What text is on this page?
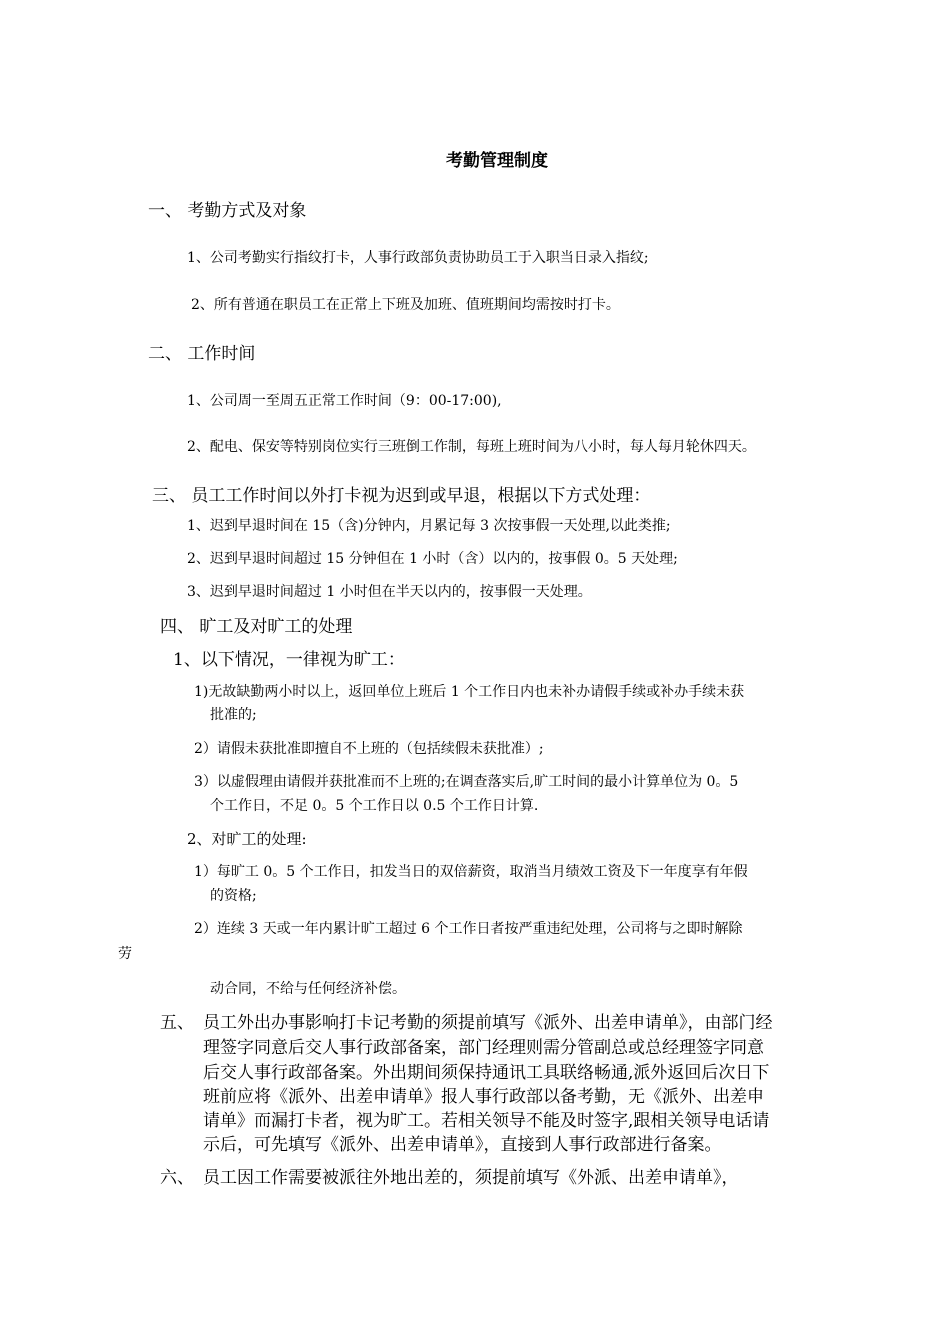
考勤管理制度
一、 考勤方式及对象
1、公司考勤实行指纹打卡，人事行政部负责协助员工于入职当日录入指纹;
2、所有普通在职员工在正常上下班及加班、值班期间均需按时打卡。
二、 工作时间
1、公司周一至周五正常工作时间（9：00-17:00),
2、配电、保安等特别岗位实行三班倒工作制，每班上班时间为八小时，每人每月轮休四天。
三、 员工工作时间以外打卡视为迟到或早退，根据以下方式处理：
1、迟到早退时间在 15（含)分钟内，月累记每 3 次按事假一天处理,以此类推;
2、迟到早退时间超过 15 分钟但在 1 小时（含）以内的，按事假 0。5 天处理;
3、迟到早退时间超过 1 小时但在半天以内的，按事假一天处理。
四、 旷工及对旷工的处理
1、以下情况，一律视为旷工：
1)无故缺勤两小时以上，返回单位上班后 1 个工作日内也未补办请假手续或补办手续未获
批准的;
2）请假未获批准即擅自不上班的（包括续假未获批准）;
3）以虚假理由请假并获批准而不上班的;在调查落实后,旷工时间的最小计算单位为 0。5
个工作日，不足 0。5 个工作日以 0.5 个工作日计算.
2、对旷工的处理:
1）每旷工 0。5 个工作日，扣发当日的双倍薪资，取消当月绩效工资及下一年度享有年假
的资格;
2）连续 3 天或一年内累计旷工超过 6 个工作日者按严重违纪处理，公司将与之即时解除
劳
动合同，不给与任何经济补偿。
五、 员工外出办事影响打卡记考勤的须提前填写《派外、出差申请单》，由部门经
理签字同意后交人事行政部备案，部门经理则需分管副总或总经理签字同意
后交人事行政部备案。外出期间须保持通讯工具联络畅通,派外返回后次日下
班前应将《派外、出差申请单》报人事行政部以备考勤，无《派外、出差申
请单》而漏打卡者，视为旷工。若相关领导不能及时签字,跟相关领导电话请
示后，可先填写《派外、出差申请单》，直接到人事行政部进行备案。
六、 员工因工作需要被派往外地出差的，须提前填写《外派、出差申请单》，
